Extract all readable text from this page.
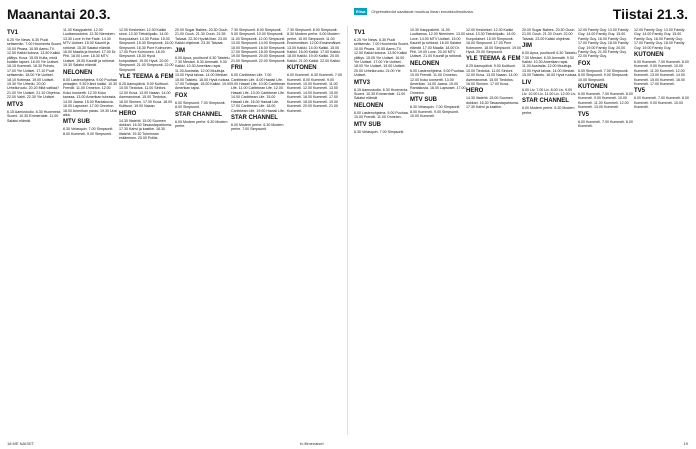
Maanantai 20.3.	Elisa	Ohjelmatiedot saattavat muuttua ilman ennakkoilmoitusta.	Tiistai 21.3.
TV1
6.25 Yle News. 6.30 Puoli seitsemän. 7.00 Huomenta Suomi. 10.00 Pisara. 10.55 Aamu-TV. 12.50 Kaikki kotona. 13.50 Kaikki yllätys. Kuva. 15.05 Kulta, minä kutistin lapset. 16.00 Yle Uutiset. 16.15 Kummeli. 16.30 Puhelu. 17.00 Yle Uutiset. 17.10 Puoli seitsemän. 18.00 Yle Uutiset. 18.10 Kotimaa. 19.00 Uutiset. 19.30 Yle Urheilu. 20.00 Urheiluruutu. 20.20 Mitä vattiaa? 21.00 Yle Uutiset. 21.10 Ohjelma. 22.00 Vahti. 22.30 Yle Uutiset.
MTV3
6.15 Aamustudio. 6.30 Huomenta Suomi. 10.30 Emmerdale. 11.00 Salatut elämät.
11.30 Kauppalehti. 12.00 Luottamustoimi. 12.30 Nieminen. 13.30 Love in the Fade. 14.30 MTV Uutiset. 15.00 Kauniit ja rohkeat. 15.30 Salatut elämät. 16.00 Maalla ja ihmiset. 17.00 Dr. Phil. 18.00 Love. 18.30 MTV Uutiset. 19.00 Kauniit ja rohkeat. 19.30 Salatut elämät.
NELONEN
6.00 Lastenohjelma. 9.00 Puuhaa pelaajien. 9.30 Kiinni kaikki. 10.30 Frendit. 11.00 Onneton. 12.00 Koko konsertti. 12.30 Koko kanssa. 13.00 Amerikan tuhrasta. 14.00 Jaana. 15.00 Rantakuvia. 16.00 Lapsoset. 17.00 Onneton. 18.00 Amerikan paras. 19.30 Uusi aika.
MTV SUB
6.30 Velasquin. 7.00 Simpsonit. 8.00 Kummeli. 9.00 Simpsonit.
12.00 Keskeiset. 12.30 Kaikki sinut. 13.30 Tietokilpailu. 14.00 Kunpolaiset. 14.30 Poika. 15.00 Simpsonit. 15.30 Simpsonit. 16.00 Simpsonit. 16.30 Pure Kolmonen. 17.00 Pure Kolmonen. 18.00 Simpsonit. 18.30 Hyvä kunpolaiset. 19.00 Hyvä. 20.00 Simpsonit. 21.00 Simpsonit. 22.00 Simpsonit.
YLE TEEMA & FEM
8.25 Aamupäivä. 9.00 Kulttuuri. 10.00 Tiedotus. 11.00 Sinfoni. 12.00 Kuva. 13.00 Nasan. 14.00 Asemanomat. 15.00 Tiedotus. 16.00 Sininen. 17.00 Kuva. 18.00 Kulttuuri. 19.00 Nasan.
HERO
14.30 Iltalehti. 15.00 Suomen dokkari. 16.30 Tasaustapahtuma. 17.30 Kahvi ja kastike. 18.30 Iltalehti. 19.30 Toiminnan erääminen. 20.00 Poliisi.
20.00 Sugar Babies. 20.30 Ouuh. 21.00 Ouuh. 21.30 Ouuh. 21.55 Taivaat. 22.30 Hyvää illan. 23.00 Kaikki ohjelmat. 23.30 Taivaat.
JIM
6.00 Apua, puolisoni! 6.30 Taistelu. 7.30 Mestari. 8.30 Ammatti. 9.30 Kaikki. 10.30 Amerikan rapsi. 11.00 Australia. 12.00 Muuttuja. 13.00 Hyvä taivas. 14.00 Mestari. 15.00 Taistelu. 16.00 Hyvä ruokaa. 17.00 Tulittajat. 18.00 Kaikki. 19.00 Amerikan rapsi.
FOX
6.00 Simpsonit. 7.00 Simpsonit. 8.00 Simpsonit.
STAR CHANNEL
6.00 Modern perhe. 6.30 Modern perhe.
7.30 Simpsonit. 8.00 Simpsonit. 9.00 Simpsonit. 10.00 Simpsonit. 11.00 Simpsonit. 12.00 Simpsonit. 13.00 Simpsonit. 14.00 Simpsonit. 15.00 Simpsonit. 16.00 Simpsonit. 17.00 Simpsonit. 18.00 Simpsonit. 19.00 Simpsonit. 20.00 Simpsonit. 21.00 Simpsonit. 22.00 Simpsonit.
FRII
6.00 Caribbean Life. 7.00 Caribbean Life. 8.00 Hawaii Life. 9.00 Hawaii Life. 10.00 Caribbean Life. 11.00 Caribbean Life. 12.00 Hawaii Life. 13.00 Caribbean Life. 14.00 Caribbean Life. 15.00 Hawaii Life. 16.00 Hawaii Life. 17.00 Caribbean Life. 18.00 Caribbean Life. 19.00 Hawaii Life.
STAR CHANNEL
6.00 Modern perhe. 6.30 Modern perhe. 7.00 Simpsonit.
7.30 Simpsonit. 8.00 Simpsonit. 8.30 Modern perhe. 9.00 Modern perhe. 10.00 Simpsonit. 11.00 Ensimmäiset. 12.00 Ensimmäiset. 13.00 Kaikki. 14.00 Kaikki. 15.00 Kaikki. 16.00 Kaikki. 17.00 Kaikki. 18.00 Kaikki. 19.00 Kaikki. 20.00 Kaikki. 21.00 Kaikki. 22.00 Kaikki.
KUTONEN
6.00 Kummeli. 6.30 Kummeli. 7.00 Kummeli. 8.00 Kummeli. 9.00 Kummeli. 10.00 Kummeli. 11.00 Kummeli. 12.00 Kummeli. 13.00 Kummeli. 14.00 Kummeli. 15.00 Kummeli. 16.00 Kummeli. 17.00 Kummeli. 18.00 Kummeli. 19.00 Kummeli. 20.00 Kummeli. 21.00 Kummeli.
TV1
6.25 Yle News. 6.30 Puoli seitsemän. 7.00 Huomenta Suomi. 10.00 Pisara. 10.55 Aamu-TV. 12.50 Kaikki kotona. 13.50 Kaikki yllätys. 15.05 Yle Uutiset. 16.00 Yle Uutiset. 17.00 Yle Uutiset. 18.00 Yle Uutiset. 19.00 Uutiset. 20.00 Urheiluruutu. 21.00 Yle Uutiset.
MTV3
6.15 Aamustudio. 6.30 Huomenta Suomi. 10.30 Emmerdale. 11.00 Salatut elämät.
NELONEN
6.00 Lastenohjelma. 9.00 Puuhaa. 10.00 Frendit. 11.00 Onneton.
MTV SUB
6.30 Velasquin. 7.00 Simpsonit.
10.30 Kauppalehti. 11.00 Luottamus. 12.00 Nieminen. 13.00 Love. 14.00 MTV Uutiset. 15.00 Kauniit ja rohkeat. 16.00 Salatut elämät. 17.00 Maalla. 18.00 Dr. Phil. 19.00 Love. 20.00 MTV Uutiset. 21.00 Kauniit ja rohkeat.
NELONEN
6.00 Lastenohjelma. 9.00 Puuhaa. 10.00 Frendit. 11.00 Onneton. 12.00 Koko konsertti. 13.00 Amerikan. 14.00 Jaana. 15.00 Rantakuvia. 16.00 Lapsoset. 17.00 Onneton.
MTV SUB
6.30 Velasquin. 7.00 Simpsonit. 8.00 Kummeli. 9.00 Simpsonit. 10.00 Kummeli.
12.00 Keskeiset. 12.30 Kaikki sinut. 13.30 Tietokilpailu. 14.00 Kunpolaiset. 15.00 Simpsonit. 16.00 Simpsonit. 17.00 Pure Kolmonen. 18.00 Simpsonit. 19.00 Hyvä. 20.00 Simpsonit.
YLE TEEMA & FEM
8.25 Aamupäivä. 9.00 Kulttuuri. 10.00 Tiedotus. 11.00 Sinfoni. 12.00 Kuva. 13.00 Nasan. 14.00 Asemanomat. 15.00 Tiedotus. 16.00 Sininen. 17.00 Kuva.
HERO
14.30 Iltalehti. 15.00 Suomen dokkari. 16.30 Tasaustapahtuma. 17.30 Kahvi ja kastike.
20.00 Sugar Babies. 20.30 Ouuh. 21.00 Ouuh. 21.30 Ouuh. 22.00 Taivaat. 23.00 Kaikki ohjelmat.
JIM
6.00 Apua, puolisoni! 6.30 Taistelu. 7.30 Mestari. 8.30 Ammatti. 9.30 Kaikki. 10.30 Amerikan rapsi. 11.00 Australia. 12.00 Muuttuja. 13.00 Hyvä taivas. 14.00 Mestari. 15.00 Taistelu. 16.00 Hyvä ruokaa.
LIV
6.00 Liv. 7.00 Liv. 8.00 Liv. 9.00 Liv. 10.00 Liv. 11.00 Liv. 12.00 Liv.
STAR CHANNEL
6.00 Modern perhe. 6.30 Modern perhe.
12.00 Family Guy. 13.00 Family Guy. 14.00 Family Guy. 15.00 Family Guy. 16.00 Family Guy. 17.00 Family Guy. 18.00 Family Guy. 19.00 Family Guy. 20.00 Family Guy. 21.00 Family Guy. 22.00 Family Guy.
FOX
6.00 Simpsonit. 7.00 Simpsonit. 8.00 Simpsonit. 9.00 Simpsonit. 10.00 Simpsonit.
KUTONEN
6.00 Kummeli. 7.00 Kummeli. 8.00 Kummeli. 9.00 Kummeli. 10.00 Kummeli. 11.00 Kummeli. 12.00 Kummeli. 13.00 Kummeli.
TV5
6.00 Kummeli. 7.00 Kummeli. 8.00 Kummeli.
12.00 Family Guy. 13.00 Family Guy. 14.00 Family Guy. 15.00 Family Guy. 16.00 Family Guy. 17.00 Family Guy. 18.00 Family Guy. 19.00 Family Guy.
KUTONEN
6.00 Kummeli. 7.00 Kummeli. 8.00 Kummeli. 9.00 Kummeli. 10.00 Kummeli. 11.00 Kummeli. 12.00 Kummeli. 13.00 Kummeli. 14.00 Kummeli. 15.00 Kummeli. 16.00 Kummeli. 17.00 Kummeli.
TV5
6.00 Kummeli. 7.00 Kummeli. 8.00 Kummeli. 9.00 Kummeli. 10.00 Kummeli.
18 ME NAISET	tv-filmenaiset	19
